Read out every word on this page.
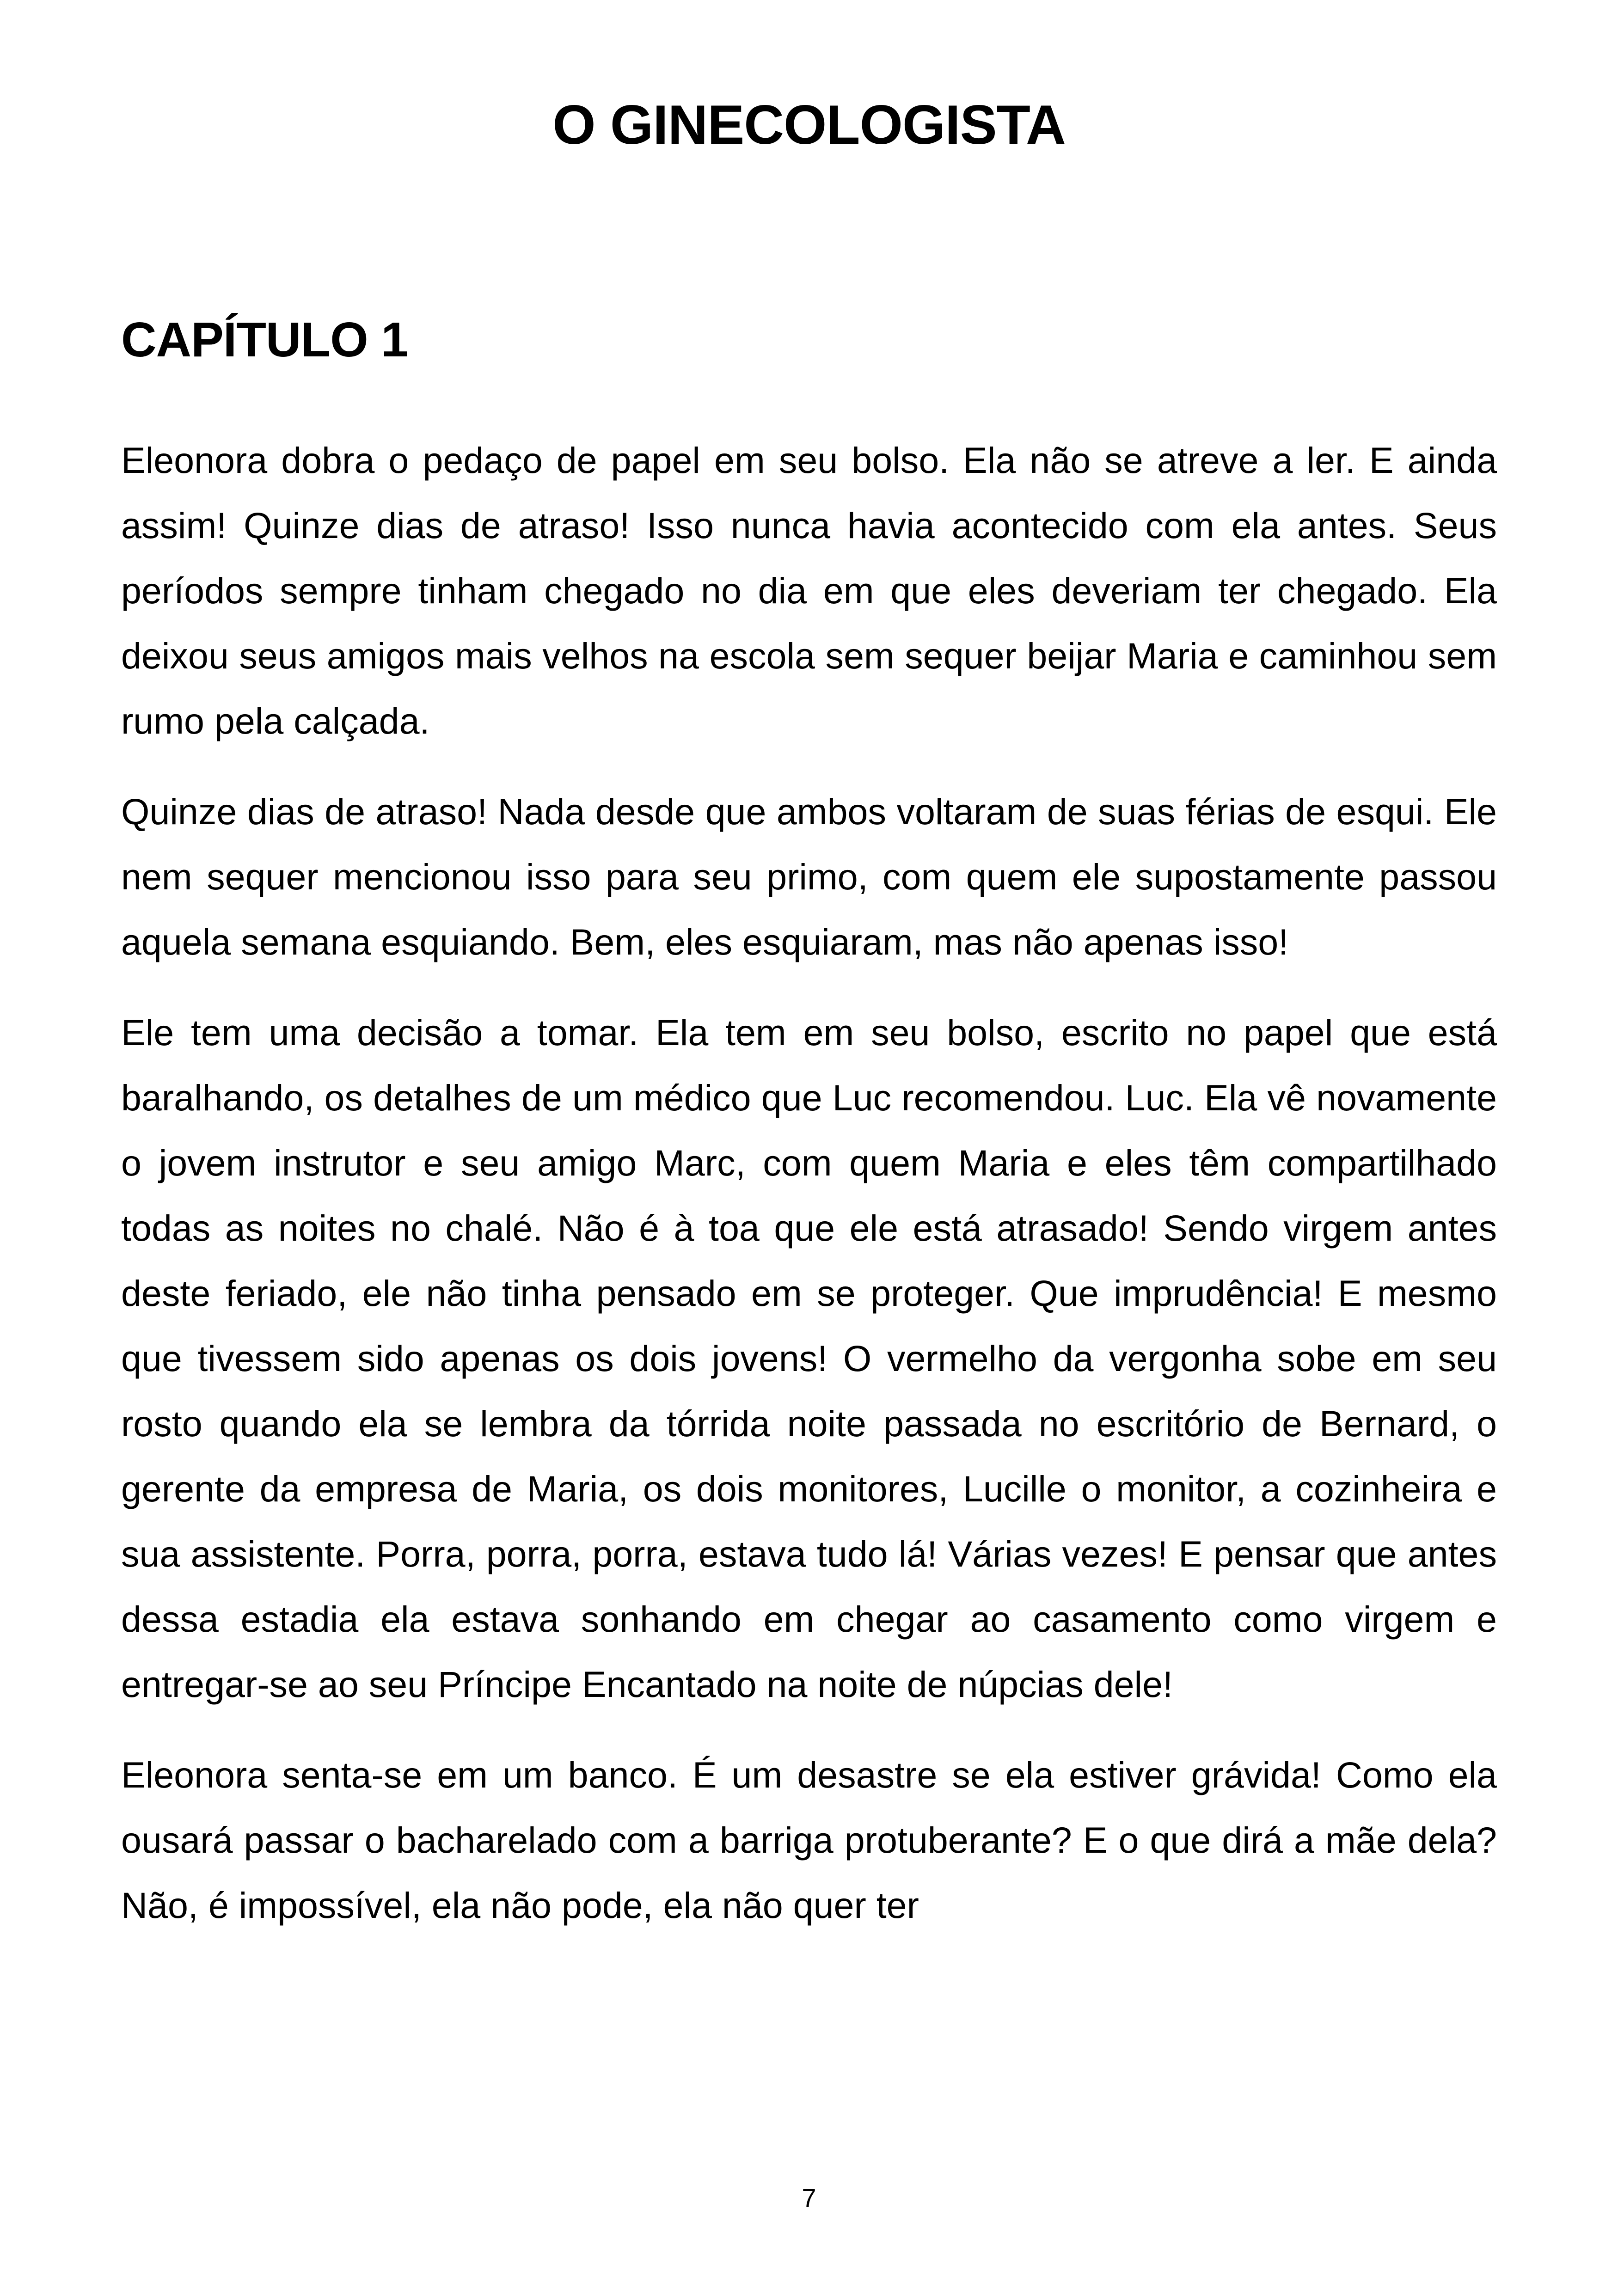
O GINECOLOGISTA
CAPÍTULO 1

Eleonora dobra o pedaço de papel em seu bolso. Ela não se atreve a ler. E ainda assim! Quinze dias de atraso! Isso nunca havia acontecido com ela antes. Seus períodos sempre tinham chegado no dia em que eles deveriam ter chegado. Ela deixou seus amigos mais velhos na escola sem sequer beijar Maria e caminhou sem rumo pela calçada.

Quinze dias de atraso! Nada desde que ambos voltaram de suas férias de esqui. Ele nem sequer mencionou isso para seu primo, com quem ele supostamente passou aquela semana esquiando. Bem, eles esquiaram, mas não apenas isso!

Ele tem uma decisão a tomar. Ela tem em seu bolso, escrito no papel que está baralhando, os detalhes de um médico que Luc recomendou. Luc. Ela vê novamente o jovem instrutor e seu amigo Marc, com quem Maria e eles têm compartilhado todas as noites no chalé. Não é à toa que ele está atrasado! Sendo virgem antes deste feriado, ele não tinha pensado em se proteger. Que imprudência! E mesmo que tivessem sido apenas os dois jovens! O vermelho da vergonha sobe em seu rosto quando ela se lembra da tórrida noite passada no escritório de Bernard, o gerente da empresa de Maria, os dois monitores, Lucille o monitor, a cozinheira e sua assistente. Porra, porra, porra, estava tudo lá! Várias vezes! E pensar que antes dessa estadia ela estava sonhando em chegar ao casamento como virgem e entregar-se ao seu Príncipe Encantado na noite de núpcias dele!

Eleonora senta-se em um banco. É um desastre se ela estiver grávida! Como ela ousará passar o bacharelado com a barriga protuberante? E o que dirá a mãe dela? Não, é impossível, ela não pode, ela não quer ter

7
